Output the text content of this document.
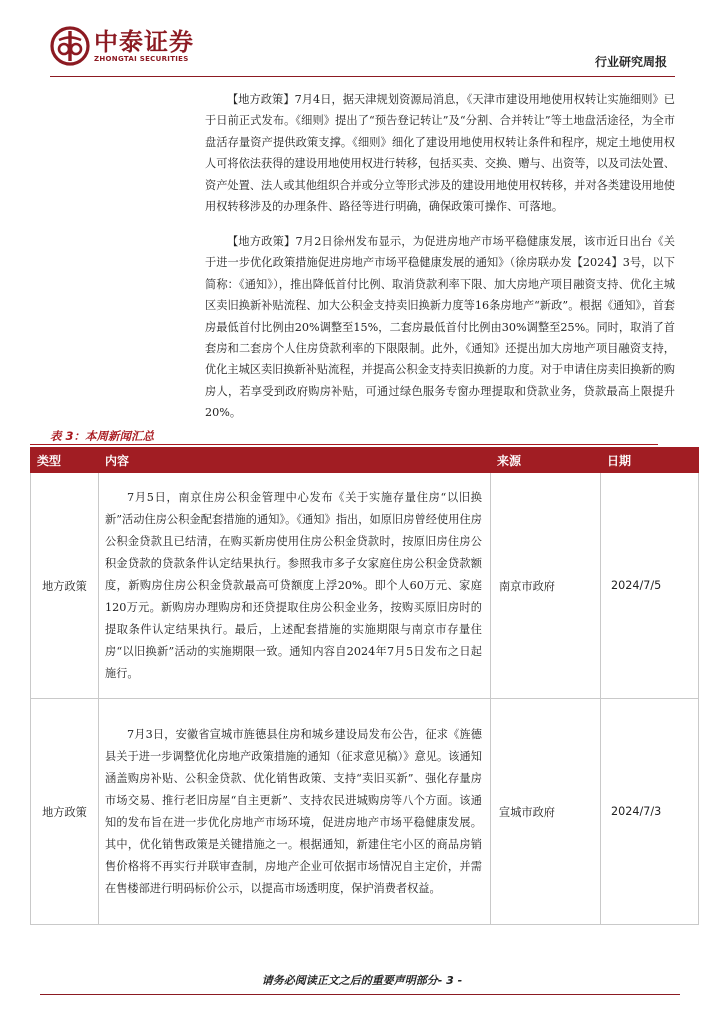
中泰证券
ZHONGTAI SECURITIES	行业研究周报

【地方政策】7月4日，据天津规划资源局消息，《天津市建设用地使用权转让实施细则》已于日前正式发布。《细则》提出了“预告登记转让”及“分割、合并转让”等土地盘活途径，为全市盘活存量资产提供政策支撑。《细则》细化了建设用地使用权转让条件和程序，规定土地使用权人可将依法获得的建设用地使用权进行转移，包括买卖、交换、赠与、出资等，以及司法处置、资产处置、法人或其他组织合并或分立等形式涉及的建设用地使用权转移，并对各类建设用地使用权转移涉及的办理条件、路径等进行明确，确保政策可操作、可落地。

【地方政策】7月2日徐州发布显示，为促进房地产市场平稳健康发展，该市近日出台《关于进一步优化政策措施促进房地产市场平稳健康发展的通知》（徐房联办发【2024】3号，以下简称：《通知》），推出降低首付比例、取消贷款利率下限、加大房地产项目融资支持、优化主城区卖旧换新补贴流程、加大公积金支持卖旧换新力度等16条房地产“新政”。根据《通知》，首套房最低首付比例由20%调整至15%，二套房最低首付比例由30%调整至25%。同时，取消了首套房和二套房个人住房贷款利率的下限限制。此外，《通知》还提出加大房地产项目融资支持，优化主城区卖旧换新补贴流程，并提高公积金支持卖旧换新的力度。对于申请住房卖旧换新的购房人，若享受到政府购房补贴，可通过绿色服务专窗办理提取和贷款业务，贷款最高上限提升20%。

表 3：本周新闻汇总
类型	内容	来源	日期
地方政策	7月5日，南京住房公积金管理中心发布《关于实施存量住房“以旧换新”活动住房公积金配套措施的通知》。《通知》指出，如原旧房曾经使用住房公积金贷款且已结清，在购买新房使用住房公积金贷款时，按原旧房住房公积金贷款的贷款条件认定结果执行。参照我市多子女家庭住房公积金贷款额度，新购房住房公积金贷款最高可贷额度上浮20%。即个人60万元、家庭120万元。新购房办理购房和还贷提取住房公积金业务，按购买原旧房时的提取条件认定结果执行。最后，上述配套措施的实施期限与南京市存量住房“以旧换新”活动的实施期限一致。通知内容自2024年7月5日发布之日起施行。	南京市政府	2024/7/5
地方政策	7月3日，安徽省宣城市旌德县住房和城乡建设局发布公告，征求《旌德县关于进一步调整优化房地产政策措施的通知（征求意见稿）》意见。该通知涵盖购房补贴、公积金贷款、优化销售政策、支持“卖旧买新”、强化存量房市场交易、推行老旧房屋“自主更新”、支持农民进城购房等八个方面。该通知的发布旨在进一步优化房地产市场环境，促进房地产市场平稳健康发展。其中，优化销售政策是关键措施之一。根据通知，新建住宅小区的商品房销售价格将不再实行并联审查制，房地产企业可依据市场情况自主定价，并需在售楼部进行明码标价公示，以提高市场透明度，保护消费者权益。	宣城市政府	2024/7/3
请务必阅读正文之后的重要声明部分- 3 -
